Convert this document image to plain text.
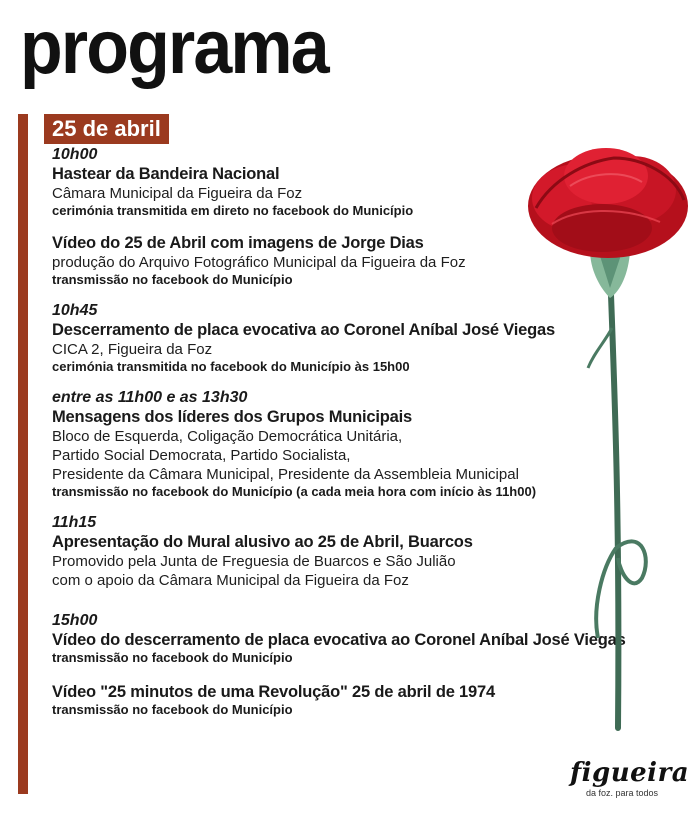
programa
25 de abril
10h00
Hastear da Bandeira Nacional
Câmara Municipal da Figueira da Foz
cerimónia transmitida em direto no facebook do Município
Vídeo do 25 de Abril com imagens de Jorge Dias
produção do Arquivo Fotográfico Municipal da Figueira da Foz
transmissão no facebook do Município
10h45
Descerramento de placa evocativa ao Coronel Aníbal José Viegas
CICA 2, Figueira da Foz
cerimónia transmitida no facebook do Município às 15h00
entre as 11h00 e as 13h30
Mensagens dos líderes dos Grupos Municipais
Bloco de Esquerda, Coligação Democrática Unitária,
Partido Social Democrata, Partido Socialista,
Presidente da Câmara Municipal, Presidente da Assembleia Municipal
transmissão no facebook do Município (a cada meia hora com início às 11h00)
11h15
Apresentação do Mural alusivo ao 25 de Abril, Buarcos
Promovido pela Junta de Freguesia de Buarcos e São Julião
com o apoio da Câmara Municipal da Figueira da Foz
15h00
Vídeo do descerramento de placa evocativa ao Coronel Aníbal José Viegas
transmissão no facebook do Município
Vídeo "25 minutos de uma Revolução" 25 de abril de 1974
transmissão no facebook do Município
figueira
da foz. para todos
